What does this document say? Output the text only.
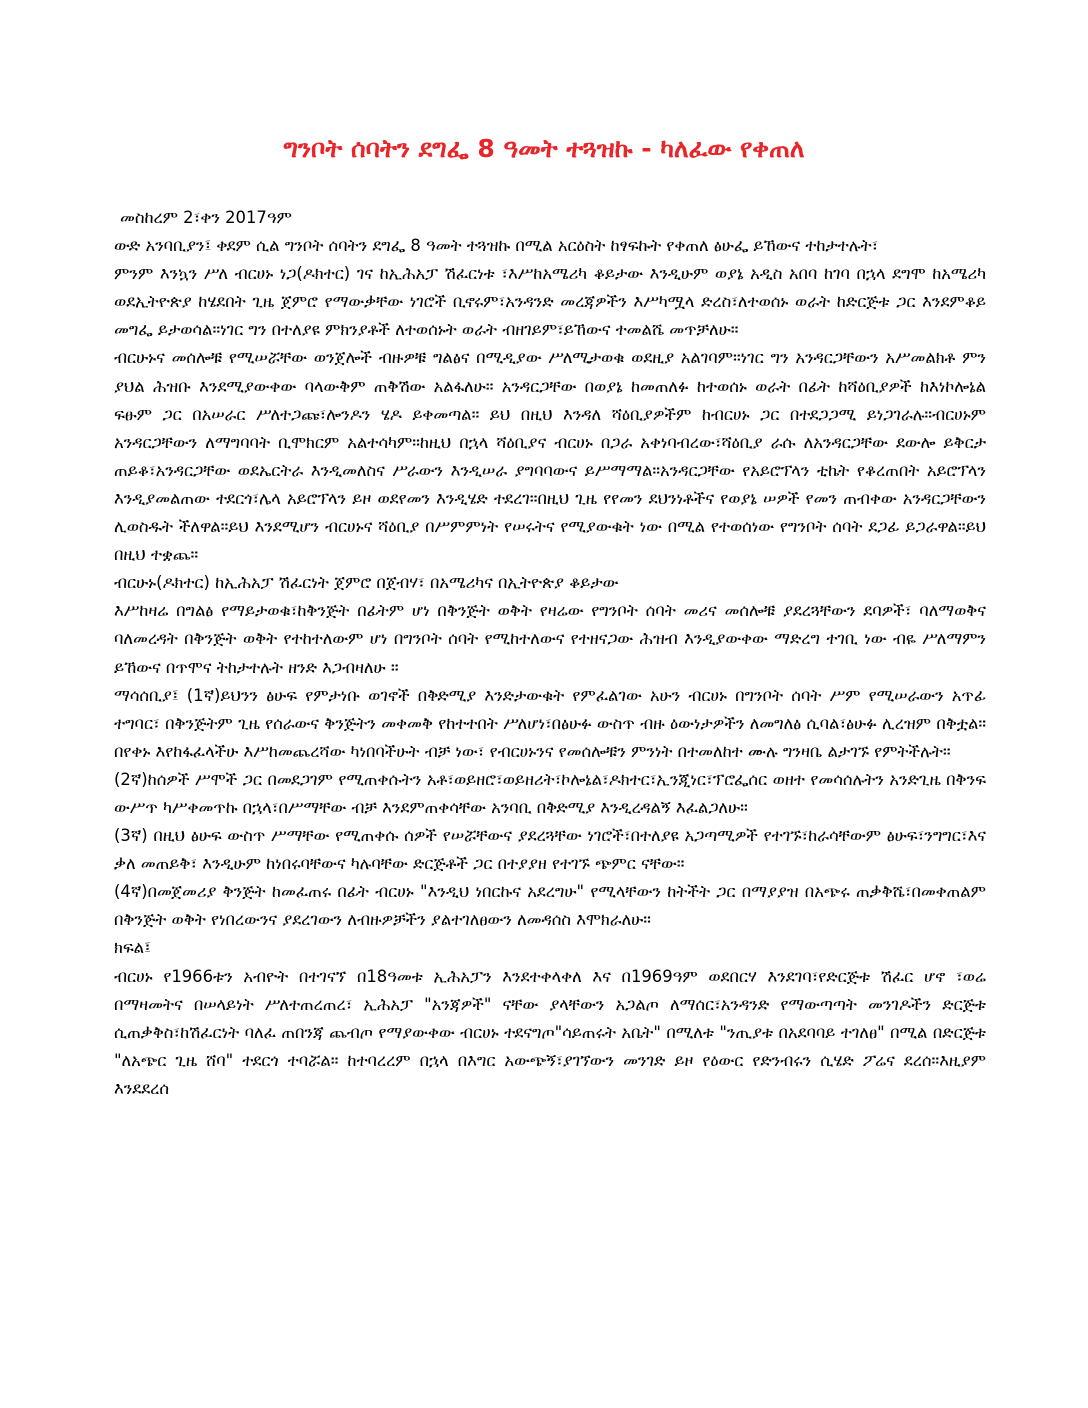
ግንቦት ሰባትን ደግፌ 8 ዓመት ተጓዝኩ - ካለፈው የቀጠለ

መስከረም 2፣ቀን 2017ዓም

ውድ አንባቢያን፤ ቀደም ሲል ግንቦት ሰባትን ደግፌ 8 ዓመት ተጓዝኩ በሚል አርዕስት ከፃፍኩት የቀጠለ ፅሁፌ ይኸውና ተከታተሉት፣

ምንም እንኳን ሥለ ብርሀኑ ነጋ(ዶክተር) ገና ከኢሕአፓ ሽፈርነቱ ፣እሥከአሜሪካ ቆይታው እንዲሁም ወያኔ አዲስ አበባ ከገባ በኋላ ደግሞ ከአሜሪካ ወደኢትዮጵያ ከሄደበት ጊዜ ጀምሮ የማውቃቸው ነገሮች ቢኖሩም፣አንዳንድ መረጃዎችን እሥካሟላ ድረስ፣ለተወሰኑ ወራት ከድርጅቱ ጋር እንደምቆይ መግፌ ይታወሳል።ነገር ግን በተለያዩ ምክንያቶች ለተወሰኑት ወራት ብዘገይም፣ይኸውና ተመልሼ መጥቻለሁ።

ብርሁኑና መሰሎቹ የሚሠሯቸው ወንጀሎች ብዙዎቹ ግልፅና በሚዲያው ሥለሚታወቁ ወደዚያ አልገባም።ነገር ግን አንዳርጋቸውን አሥመልክቶ ምን ያህል ሕዝቡ እንደሚያውቀው ባላውቅም ጠቅሽው አልፋለሁ። አንዳርጋቸው በወያኔ ከመጠለፉ ከተወሰኑ ወራት በፊት ከሻዕቢያዎች ከእነኮሎኔል ፍፁም ጋር በአሠራር ሥለተጋጩ፣ሎንዶን ሄዶ ይቀመጣል። ይህ በዚህ እንዳለ ሻዕቢያዎችም ከብርሀኑ ጋር በተደጋጋሚ ይነጋገራሉ።ብርሀኑም አንዳርጋቸውን ለማግባባት ቢሞክርም አልተሳካም።ከዚህ በኋላ ሻዕቢያና ብርሀኑ በጋራ አቀነባብረው፣ሻዕቢያ ራሱ ለአንዳርጋቸው ደውሎ ይቅርታ ጠይቆ፣አንዳርጋቸው ወደኤርትራ እንዲመለስና ሥራውን እንዲሠራ ያግባባውና ይሥማማል።አንዳርጋቸው የአይሮፕላን ቲኬት የቆረጠበት አይሮፕላን እንዲያመልጠው ተደርጎ፣ሌላ አይሮፕላን ይዞ ወደየመን እንዲሄድ ተደረገ።በዚህ ጊዜ የየመን ደህንነቶችና የወያኔ ሠዎች የመን ጠብቀው አንዳርጋቸውን ሊወስዱት ችለዋል።ይህ እንደሚሆን ብርሀኑና ሻዕቢያ በሥምምነት የሠሩትና የሚያውቁት ነው በሚል የተወሰነው የግንቦት ሰባት ደጋፊ ይጋራዋል።ይህ በዚህ ተቋጨ።

ብርሁኑ(ዶክተር) ከኢሕአፓ ሽፈርነት ጀምሮ በጀብሃ፣ በአሜሪካና በኢትዮጵያ ቆይታው

እሥከዛሬ በግልፅ የማይታወቁ፣ከቅንጅት በፊትም ሆነ በቅንጅት ወቅት የዛሬው የግንቦት ሰባት መሪና መሰሎቹ ያደረጓቸውን ደባዎች፣ ባለማወቅና ባለመረዳት በቅንጅት ወቅት የተከተለውም ሆነ በግንቦት ሰባት የሚከተለውና የተዘናጋው ሕዝብ እንዲያውቀው ማድረግ ተገቢ ነው ብዬ ሥለማምን ይኸውና በጥሞና ትከታተሉት ዘንድ እጋብዛለሁ ።

ማሳሰቢያ፤ (1ኛ)ይህንን ፅሁፍ የምታነቡ ወገኖች በቅድሚያ እንድታውቁት የምፈልገው አሁን ብርሀኑ በግንቦት ሰባት ሥም የሚሠራውን አጥፊ ተግባር፣ በቅንጅትም ጊዜ የሰራውና ቅንጅትን መቀመቅ የከተተበት ሥለሆነ፣በፅሁፉ ውስጥ ብዙ ዕውነታዎችን ለመግለፅ ሲባል፣ፅሁፉ ሊረዝም በቅቷል። በየቀኑ እየከፋፈላችሁ እሥከመጨረሻው ካነበባችሁት ብቻ ነው፣ የብርሀኑንና የመሰሎቹን ምንነት በተመለከተ ሙሉ ግንዛቤ ልታገኙ የምትችሉት።

(2ኛ)ከሰዎች ሥሞች ጋር በመደጋገም የሚጠቀሱትን አቶ፣ወይዘሮ፣ወይዘሪት፣ኮሎኔል፣ዶክተር፣ኢንጂነር፣ፕሮፌሰር ወዘተ የመሳሰሉትን አንድጊዜ በቅንፍ ውሥጥ ካሥቀመጥኩ በኋላ፣በሥማቸው ብቻ እንደምጠቀሳቸው አንባቢ በቅድሚያ እንዲረዳልኝ እፈልጋለሁ።

(3ኛ) በዚህ ፅሁፍ ውስጥ ሥማቸው የሚጠቀሱ ሰዎች የሠሯቸውና ያደረጓቸው ነገሮች፣በተለያዩ አጋጣሚዎች የተገኙ፣ከራሳቸውም ፅሁፍ፣ንግግር፣እና ቃለ መጠይቅ፣ እንዲሁም ከነበሩባቸውና ካሉባቸው ድርጅቶች ጋር በተያያዘ የተገኙ ጭምር ናቸው።

(4ኛ)በመጀመሪያ ቅንጅት ከመፈጠሩ በፊት ብርሀኑ "እንዲህ ነበርኩና አደረግሁ" የሚላቸውን ከትችት ጋር በማያያዝ በአጭሩ ጠቃቅሼ፣በመቀጠልም በቅንጅት ወቅት የነበረውንና ያደረገውን ለብዙዎቻችን ያልተገለፀውን ለመዳሰስ እሞክራለሁ።

ክፍል፤

ብርሀኑ የ1966ቱን አብዮት በተገናኘ በ18ዓመቱ ኢሕአፓን እንደተቀላቀለ እና በ1969ዓም ወደበርሃ እንደገባ፣የድርጅቱ ሽፈር ሆኖ ፣ወሬ በማዛመትና በሠላይነት ሥለተጠረጠረ፣ ኢሕአፓ "አንጃዎች" ናቸው ያላቸውን አጋልጦ ለማሰር፣አንዳንድ የማውጣጣት መንገዶችን ድርጅቱ ሲጠቃቅስ፣ከሽፈርነት ባለፈ ጠበንጃ ጨብጦ የማያውቀው ብርሀኑ ተደናግጦ"ሳይጠሩት አቤት" በሚለቱ "ንጢያቱ በአደባባይ ተገለፀ" በሚል በድርጅቱ "ለአጭር ጊዜ ሸባ" ተደርጎ ተባሯል። ከተባረረም በኋላ በእግር አውጭኝ፣ያገኘውን መንገድ ይዞ የዕውር የድንብሩን ሲሄድ ፖሬና ደረሰ።እዚያም እንደደረሰ
